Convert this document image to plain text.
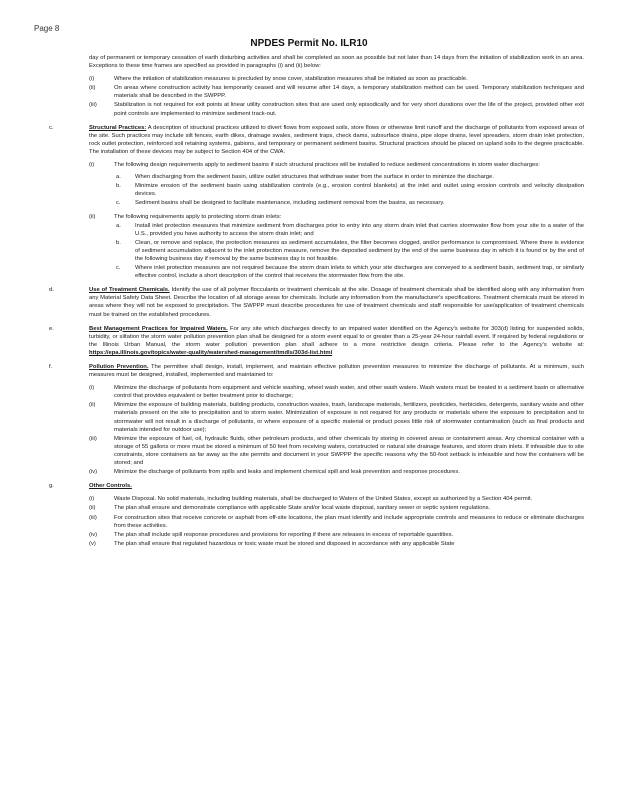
Page 8
NPDES Permit No. ILR10

day of permanent or temporary cessation of earth disturbing activities and shall be completed as soon as possible but not later than 14 days from the initiation of stabilization work in an area. Exceptions to these time frames are specified as provided in paragraphs (i) and (ii) below:

(i)	Where the initiation of stabilization measures is precluded by snow cover, stabilization measures shall be initiated as soon as practicable.

(ii)	On areas where construction activity has temporarily ceased and will resume after 14 days, a temporary stabilization method can be used. Temporary stabilization techniques and materials shall be described in the SWPPP.

(iii)	Stabilization is not required for exit points at linear utility construction sites that are used only episodically and for very short durations over the life of the project, provided other exit point controls are implemented to minimize sediment track-out.

c.	Structural Practices: A description of structural practices utilized to divert flows from exposed soils, store flows or otherwise limit runoff and the discharge of pollutants from exposed areas of the site. Such practices may include silt fences, earth dikes, drainage swales, sediment traps, check dams, subsurface drains, pipe slope drains, level spreaders, storm drain inlet protection, rock outlet protection, reinforced soil retaining systems, gabions, and temporary or permanent sediment basins. Structural practices should be placed on upland soils to the degree practicable. The installation of these devices may be subject to Section 404 of the CWA.

(i)	The following design requirements apply to sediment basins if such structural practices will be installed to reduce sediment concentrations in storm water discharges:

a. When discharging from the sediment basin, utilize outlet structures that withdraw water from the surface in order to minimize the discharge.

b. Minimize erosion of the sediment basin using stabilization controls (e.g., erosion control blankets) at the inlet and outlet using erosion controls and velocity dissipation devices.

c. Sediment basins shall be designed to facilitate maintenance, including sediment removal from the basins, as necessary.

(ii)	The following requirements apply to protecting storm drain inlets:

a. Install inlet protection measures that minimize sediment from discharges prior to entry into any storm drain inlet that carries stormwater flow from your site to a water of the U.S., provided you have authority to access the storm drain inlet; and

b. Clean, or remove and replace, the protection measures as sediment accumulates, the filter becomes clogged, and/or performance is compromised. Where there is evidence of sediment accumulation adjacent to the inlet protection measure, remove the deposited sediment by the end of the same business day in which it is found or by the end of the following business day if removal by the same business day is not feasible.

c. Where inlet protection measures are not required because the storm drain inlets to which your site discharges are conveyed to a sediment basin, sediment trap, or similarly effective control, include a short description of the control that receives the stormwater flow from the site.

d.	Use of Treatment Chemicals. Identify the use of all polymer flocculants or treatment chemicals at the site. Dosage of treatment chemicals shall be identified along with any information from any Material Safety Data Sheet. Describe the location of all storage areas for chemicals. Include any information from the manufacturer's specifications. Treatment chemicals must be stored in areas where they will not be exposed to precipitation. The SWPPP must describe procedures for use of treatment chemicals and staff responsible for use/application of treatment chemicals must be trained on the established procedures.

e.	Best Management Practices for Impaired Waters. For any site which discharges directly to an impaired water identified on the Agency's website for 303(d) listing for suspended solids, turbidity, or siltation the storm water pollution prevention plan shall be designed for a storm event equal to or greater than a 25-year 24-hour rainfall event. If required by federal regulations or the Illinois Urban Manual, the storm water pollution prevention plan shall adhere to a more restrictive design criteria. Please refer to the Agency's website at: https://epa.illinois.gov/topics/water-quality/watershed-management/tmdls/303d-list.html

f.	Pollution Prevention. The permittee shall design, install, implement, and maintain effective pollution prevention measures to minimize the discharge of pollutants. At a minimum, such measures must be designed, installed, implemented and maintained to:

(i)	Minimize the discharge of pollutants from equipment and vehicle washing, wheel wash water, and other wash waters. Wash waters must be treated in a sediment basin or alternative control that provides equivalent or better treatment prior to discharge;

(ii)	Minimize the exposure of building materials, building products, construction wastes, trash, landscape materials, fertilizers, pesticides, herbicides, detergents, sanitary waste and other materials present on the site to precipitation and to storm water. Minimization of exposure is not required for any products or materials where the exposure to precipitation and to stormwater will not result in a discharge of pollutants, or where exposure of a specific material or product poses little risk of stormwater contamination (such as final products and materials intended for outdoor use);

(iii)	Minimize the exposure of fuel, oil, hydraulic fluids, other petroleum products, and other chemicals by storing in covered areas or containment areas. Any chemical container with a storage of 55 gallons or more must be stored a minimum of 50 feet from receiving waters, constructed or natural site drainage features, and storm drain inlets. If infeasible due to site constraints, store containers as far away as the site permits and document in your SWPPP the specific reasons why the 50-foot setback is infeasible and how the containers will be stored; and

(iv)	Minimize the discharge of pollutants from spills and leaks and implement chemical spill and leak prevention and response procedures.

g.	Other Controls.

(i)	Waste Disposal. No solid materials, including building materials, shall be discharged to Waters of the United States, except as authorized by a Section 404 permit.

(ii)	The plan shall ensure and demonstrate compliance with applicable State and/or local waste disposal, sanitary sewer or septic system regulations.

(iii)	For construction sites that receive concrete or asphalt from off-site locations, the plan must identify and include appropriate controls and measures to reduce or eliminate discharges from these activities.

(iv)	The plan shall include spill response procedures and provisions for reporting if there are releases in excess of reportable quantities.

(v)	The plan shall ensure that regulated hazardous or toxic waste must be stored and disposed in accordance with any applicable State
